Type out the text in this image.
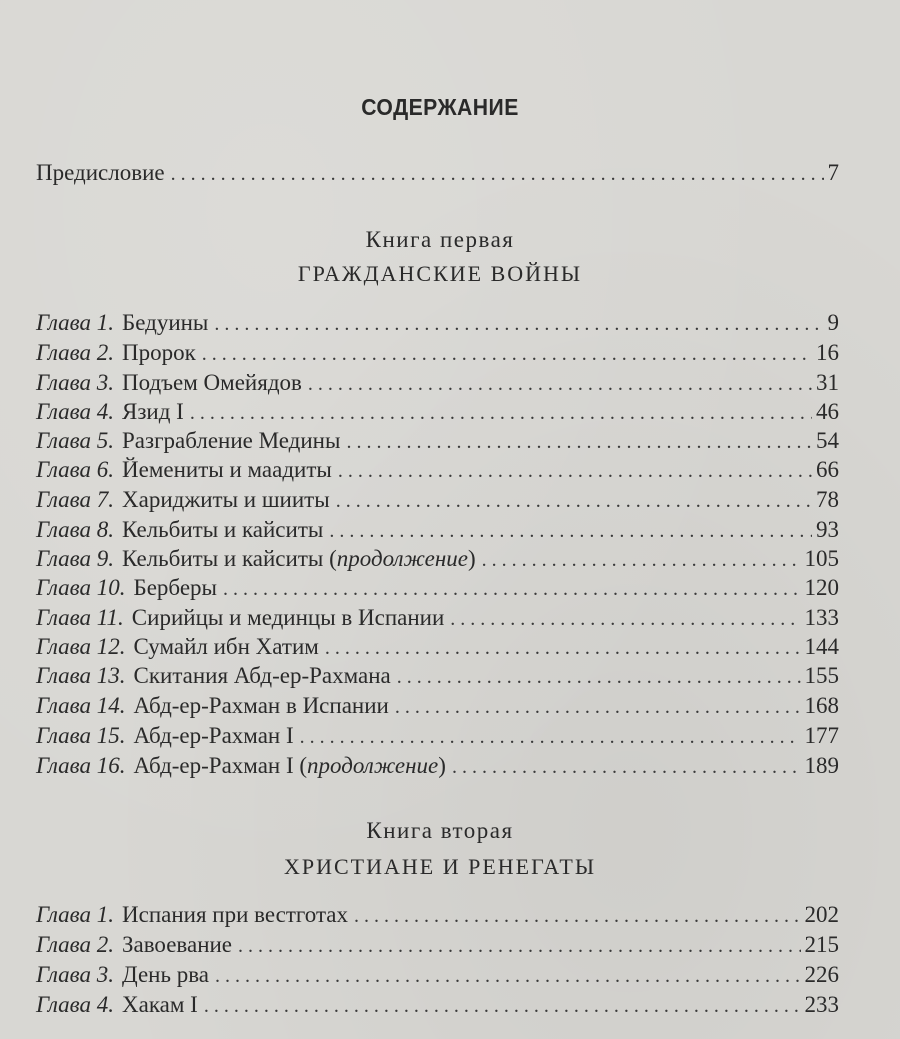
СОДЕРЖАНИЕ
Предисловие . . .	7
Книга первая
ГРАЖДАНСКИЕ ВОЙНЫ
Глава 1. Бедуины . . .	9
Глава 2. Пророк . . .	16
Глава 3. Подъем Омейядов . . .	31
Глава 4. Язид I . . .	46
Глава 5. Разграбление Медины . . .	54
Глава 6. Йемениты и маадиты . . .	66
Глава 7. Хариджиты и шииты . . .	78
Глава 8. Кельбиты и кайситы . . .	93
Глава 9. Кельбиты и кайситы ( продолжение ) . . .	105
Глава 10. Берберы . . .	120
Глава 11. Сирийцы и мединцы в Испании . . .	133
Глава 12. Сумайл ибн Хатим . . .	144
Глава 13. Скитания Абд-ер-Рахмана . . .	155
Глава 14. Абд-ер-Рахман в Испании . . .	168
Глава 15. Абд-ер-Рахман I . . .	177
Глава 16. Абд-ер-Рахман I ( продолжение ) . . .	189
Книга вторая
ХРИСТИАНЕ И РЕНЕГАТЫ
Глава 1. Испания при вестготах . . .	202
Глава 2. Завоевание . . .	215
Глава 3. День рва . . .	226
Глава 4. Хакам I . . .	233
